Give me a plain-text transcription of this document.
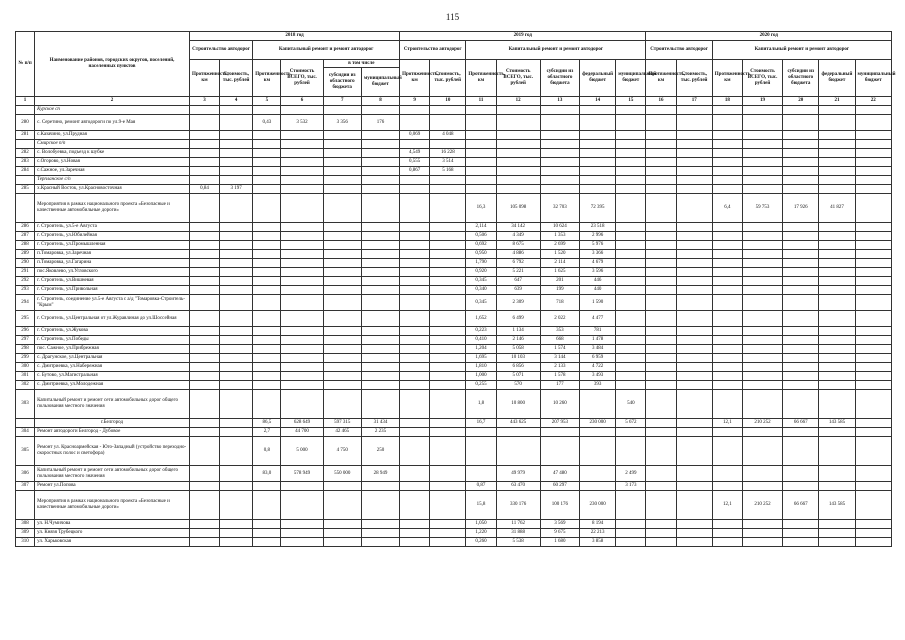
115
№ п/п	Наименование районов, городских округов, поселений, населенных пунктов	2018 год						2019 год							2020 год						
		Строительство автодорог		Капитальный ремонт и ремонт автодорог				Строительство автодорог		Капитальный ремонт и ремонт автодорог					Строительство автодорог		Капитальный ремонт и ремонт автодорог				
		Протяженность, км	Стоимость, тыс. рублей	Протяженность, км	Стоимость ВСЕГО, тыс. рублей	в том числе		Протяженность, км	Стоимость, тыс. рублей	Протяженность, км	Стоимость ВСЕГО, тыс. рублей	субсидии из областного бюджета	федеральный бюджет	муниципальный бюджет	Протяженность, км	Стоимость, тыс. рублей	Протяженность, км	Стоимость ВСЕГО, тыс. рублей	субсидии из областного бюджета	федеральный бюджет	муниципальный бюджет
						субсидии из областного бюджета	муниципальный бюджет														
1	2	3	4	5	6	7	8	9	10	11	12	13	14	15	16	17	18	19	20	21	22
	Курское сп																				
280	с. Серетино, ремонт автодороги по ул.9-е Мая			0,43	3 532	3 356	176														
281	с.Казачино, ул.Прудная							0,069	4 048												
	Смирское п/п																				
282	с. Волобуевка, подъезд к шубке							4,549	16 228												
283	с.Огорово, ул.Новая							0,555	3 514												
284	с.Сажное, ул.Заречная							0,867	5 168												
	Терпланское с/п																				
285	х.Красный Восток, ул.Красновосточная	0,84	3 197																		
	Мероприятия в рамках национального проекта «Безопасные и качественные автомобильные дороги»									16,3	105 098	32 703	72 395				6,4	59 753	17 926	41 827	
286	г. Строитель, ул.5-е Августа									2,114	34 142	10 624	23 518								
287	г. Строитель, ул.Юбилейная									0,506	4 349	1 353	2 996								
288	г. Строитель, ул.Промышленная									0,692	8 675	2 699	5 976								
289	п.Томаровка, ул.Заречная									0,950	4 886	1 520	3 366								
290	п.Томаровка, ул.Гагарина									1,790	6 792	2 114	4 679								
291	пос.Яковлево, ул.Угловского									0,920	5 221	1 625	3 596								
292	г. Строитель, ул.Вишневая									0,345	647	201	446								
293	г. Строитель, ул.Привольная									0,340	639	199	440								
294	г. Строитель, соединение ул.5-е Августа с а/д "Томаровка-Строитель- "Крым"									0,345	2 309	718	1 590								
295	г. Строитель, ул.Центральная от ул.Журавлиная до ул.Шоссейная									1,652	6 499	2 022	4 477								
296	г. Строитель, ул.Жукова									0,223	1 134	353	781								
297	г. Строитель, ул.Победы									0,410	2 146	668	1 478								
298	пос. Сажное, ул.Прибрежная									1,204	5 058	1 574	3 484								
299	с. Драгунское, ул.Центральная									1,695	10 103	3 144	6 959								
300	с. Дмитриевка, ул.Набережная									1,810	6 856	2 133	4 722								
301	с. Бутово, ул.Магистральная									1,000	5 071	1 578	3 493								
302	с. Дмитриевка, ул.Молодежная									0,255	570	177	393								
303	Капитальный ремонт и ремонт сети автомобильных дорог общего пользования местного значения									1,8	10 800	10 260		540							
	г.Белгород			86,5	628 649	597 315	31 434			16,7	443 625	207 953	230 000	5 672			12,1	210 252	66 667	143 585	
304	Ремонт автодороги Белгород - Дубовое			2,7	44 700	42 465	2 235														
305	Ремонт ул. Красноармейская - Юго-Западный (устройство переходно-скоростных полос и светофора)			0,8	5 000	4 750	250														
306	Капитальный ремонт и ремонт сети автомобильных дорог общего пользования местного значения			83,0	578 949	550 000	28 949				49 979	47 480		2 499							
307	Ремонт ул.Попова									0,87	63 470	60 297		3 173							
	Мероприятия в рамках национального проекта «Безопасные и качественные автомобильные дороги»									15,8	330 176	100 176	230 000				12,1	210 252	66 667	143 585	
308	ул. Н.Чумичова									1,050	11 762	3 569	8 194								
309	ул. Князя Трубецкого									1,220	31 888	9 675	22 213								
310	ул. Харьковская									0,260	5 538	1 680	3 858								
